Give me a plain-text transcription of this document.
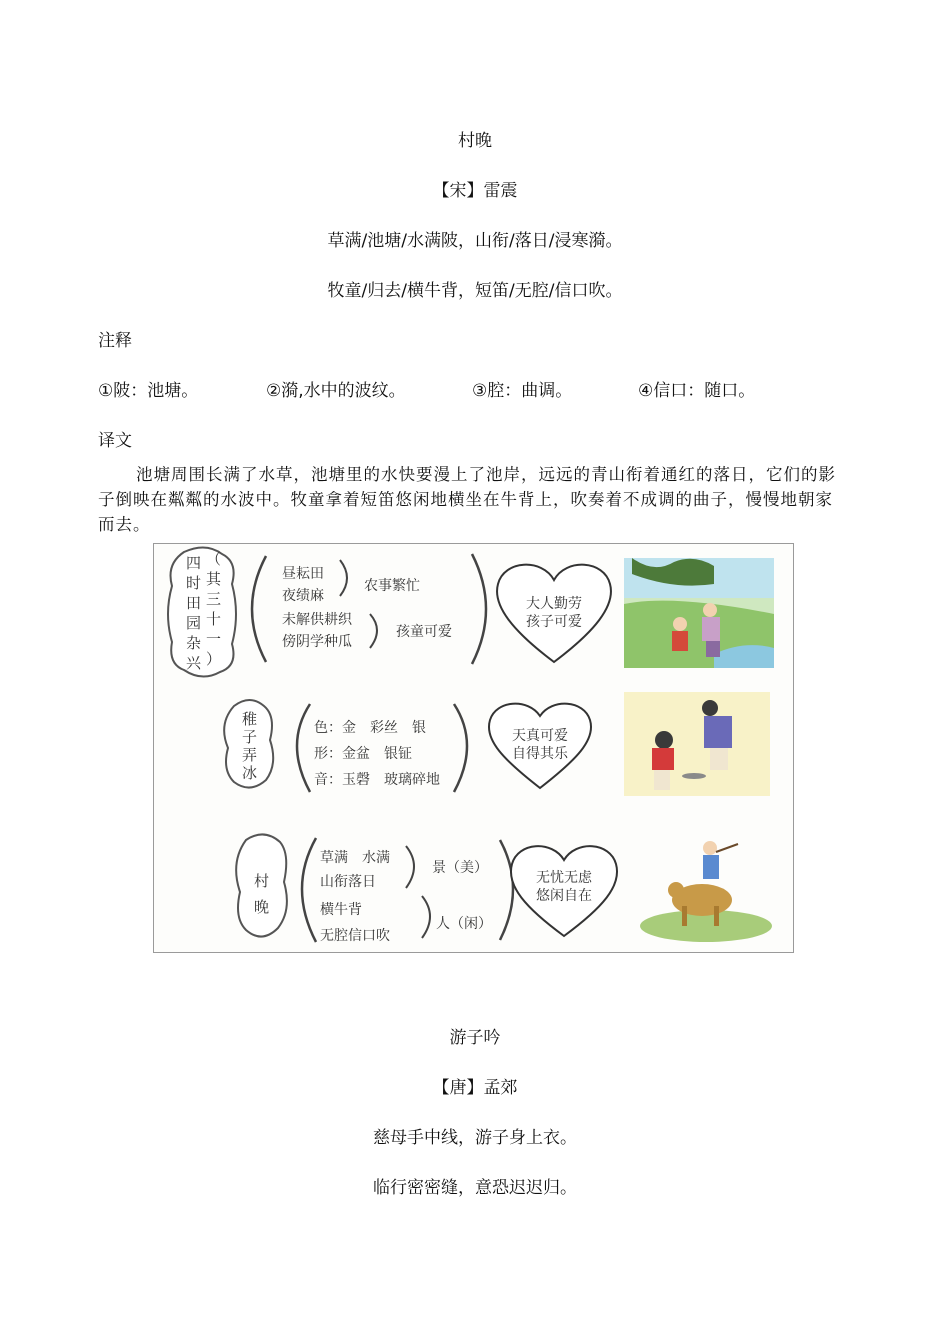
村晚
【宋】雷震
草满/池塘/水满陂，山衔/落日/浸寒漪。
牧童/归去/横牛背，短笛/无腔/信口吹。
注释
①陂：池塘。	②漪,水中的波纹。	③腔：曲调。	④信口：随口。
译文

池塘周围长满了水草，池塘里的水快要漫上了池岸，远远的青山衔着通红的落日，它们的影子倒映在粼粼的水波中。牧童拿着短笛悠闲地横坐在牛背上，吹奏着不成调的曲子，慢慢地朝家而去。

四
时
田
园
杂
兴
（
其
三
十
一
）
昼耘田
夜绩麻
农事繁忙
未解供耕织
傍阴学种瓜
孩童可爱
大人勤劳
孩子可爱
稚
子
弄
冰
色：金　彩丝　银
形：金盆　银钲
音：玉磬　玻璃碎地
天真可爱
自得其乐
村
晚
草满　水满
山衔落日
景（美）
横牛背
无腔信口吹
人（闲）
无忧无虑
悠闲自在
游子吟
【唐】孟郊
慈母手中线，游子身上衣。
临行密密缝，意恐迟迟归。
